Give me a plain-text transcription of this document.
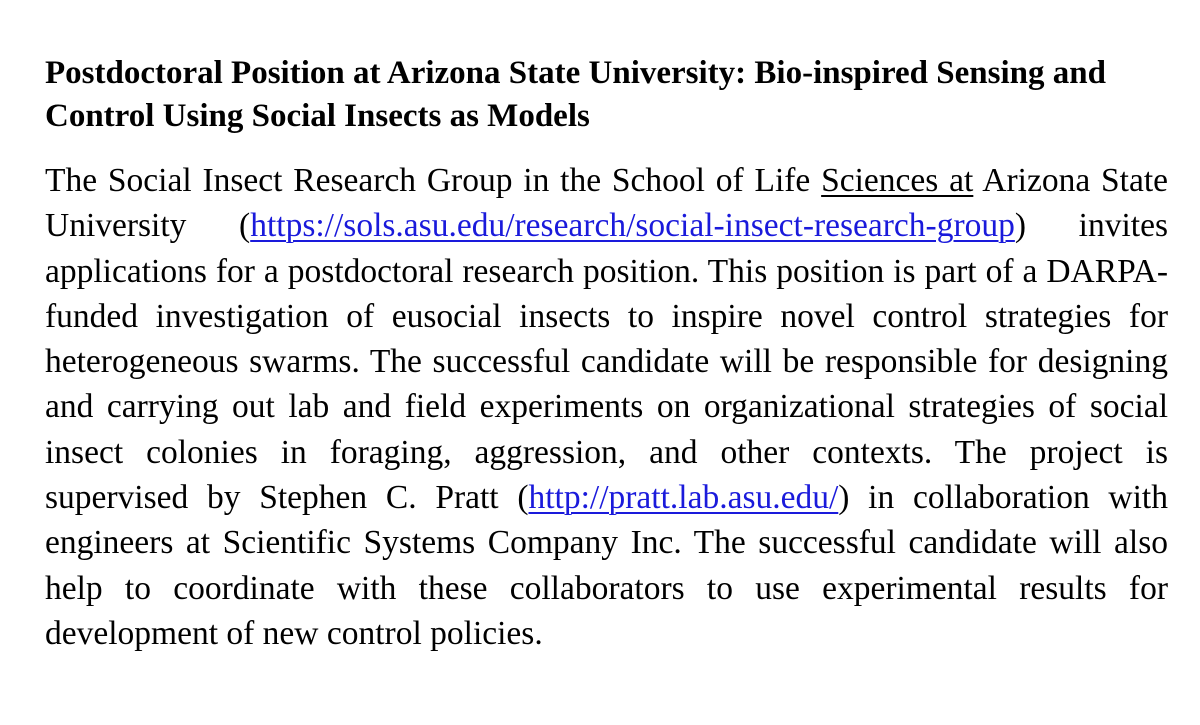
Postdoctoral Position at Arizona State University: Bio-inspired Sensing and Control Using Social Insects as Models

The Social Insect Research Group in the School of Life Sciences at Arizona State University (https://sols.asu.edu/research/social-insect-research-group) invites applications for a postdoctoral research position. This position is part of a DARPA-funded investigation of eusocial insects to inspire novel control strategies for heterogeneous swarms. The successful candidate will be responsible for designing and carrying out lab and field experiments on organizational strategies of social insect colonies in foraging, aggression, and other contexts. The project is supervised by Stephen C. Pratt (http://pratt.lab.asu.edu/) in collaboration with engineers at Scientific Systems Company Inc. The successful candidate will also help to coordinate with these collaborators to use experimental results for development of new control policies.
